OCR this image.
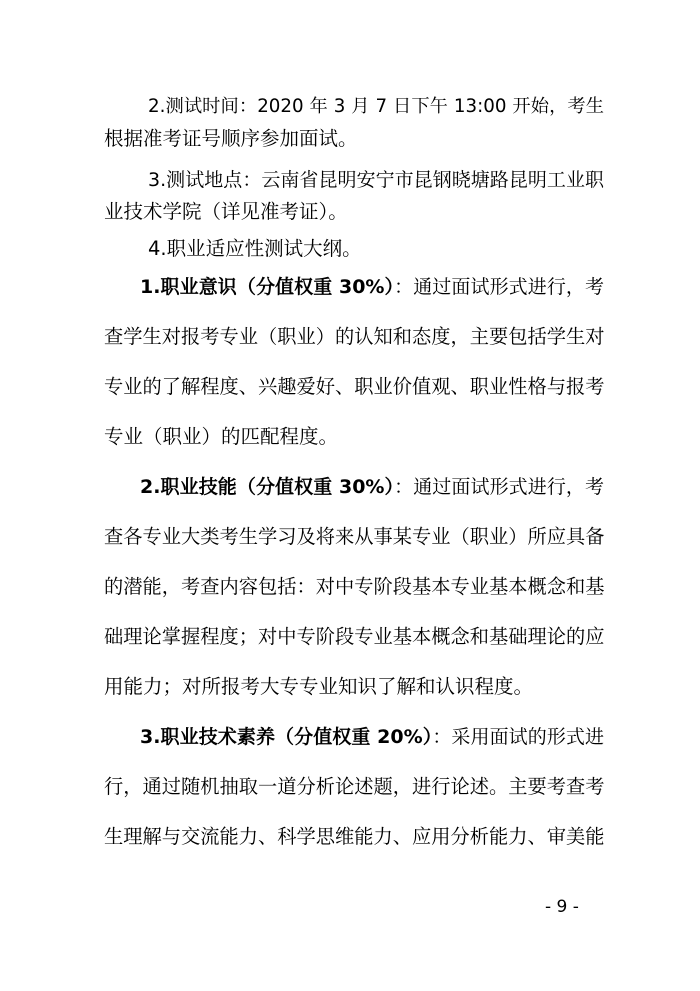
2.测试时间：2020 年 3 月 7 日下午 13:00 开始，考生
根据准考证号顺序参加面试。
3.测试地点：云南省昆明安宁市昆钢晓塘路昆明工业职
业技术学院（详见准考证）。
4.职业适应性测试大纲。
1.职业意识（分值权重 30%）：通过面试形式进行，考
查学生对报考专业（职业）的认知和态度，主要包括学生对
专业的了解程度、兴趣爱好、职业价值观、职业性格与报考
专业（职业）的匹配程度。
2.职业技能（分值权重 30%）：通过面试形式进行，考
查各专业大类考生学习及将来从事某专业（职业）所应具备
的潜能，考查内容包括：对中专阶段基本专业基本概念和基
础理论掌握程度；对中专阶段专业基本概念和基础理论的应
用能力；对所报考大专专业知识了解和认识程度。
3.职业技术素养（分值权重 20%）：采用面试的形式进
行，通过随机抽取一道分析论述题，进行论述。主要考查考
生理解与交流能力、科学思维能力、应用分析能力、审美能
- 9 -
